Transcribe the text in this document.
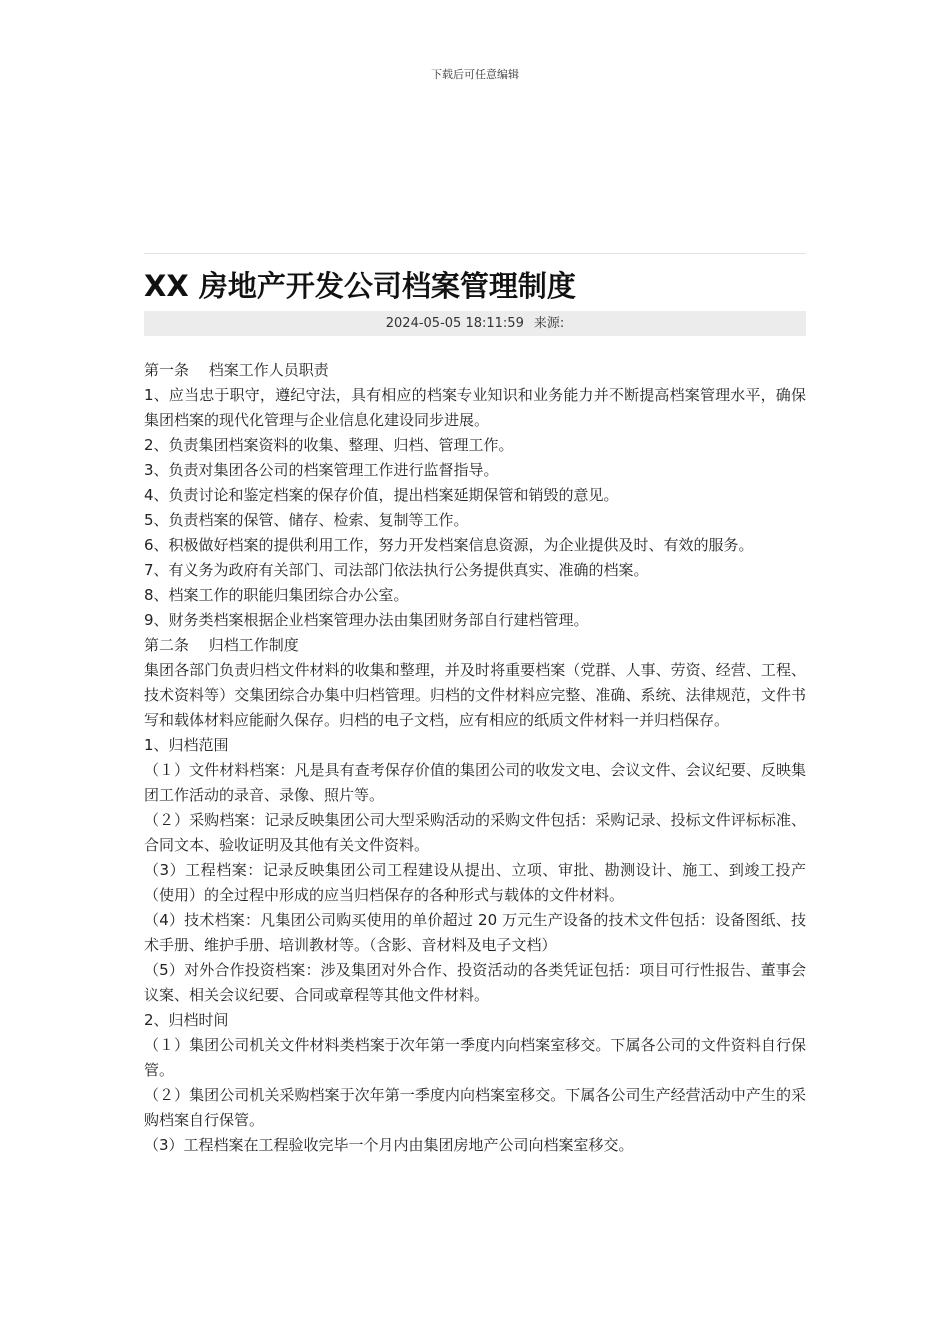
下载后可任意编辑
XX 房地产开发公司档案管理制度
2024-05-05 18:11:59 来源:

第一条　 档案工作人员职责

1、应当忠于职守，遵纪守法，具有相应的档案专业知识和业务能力并不断提高档案管理水平，确保集团档案的现代化管理与企业信息化建设同步进展。

2、负责集团档案资料的收集、整理、归档、管理工作。

3、负责对集团各公司的档案管理工作进行监督指导。

4、负责讨论和鉴定档案的保存价值，提出档案延期保管和销毁的意见。

5、负责档案的保管、储存、检索、复制等工作。

6、积极做好档案的提供利用工作，努力开发档案信息资源，为企业提供及时、有效的服务。

7、有义务为政府有关部门、司法部门依法执行公务提供真实、准确的档案。

8、档案工作的职能归集团综合办公室。

9、财务类档案根据企业档案管理办法由集团财务部自行建档管理。

第二条　 归档工作制度

集团各部门负责归档文件材料的收集和整理，并及时将重要档案（党群、人事、劳资、经营、工程、技术资料等）交集团综合办集中归档管理。归档的文件材料应完整、准确、系统、法律规范，文件书写和载体材料应能耐久保存。归档的电子文档，应有相应的纸质文件材料一并归档保存。

1、归档范围

（１）文件材料档案：凡是具有查考保存价值的集团公司的收发文电、会议文件、会议纪要、反映集团工作活动的录音、录像、照片等。

（２）采购档案：记录反映集团公司大型采购活动的采购文件包括：采购记录、投标文件评标标准、合同文本、验收证明及其他有关文件资料。

（3）工程档案：记录反映集团公司工程建设从提出、立项、审批、勘测设计、施工、到竣工投产（使用）的全过程中形成的应当归档保存的各种形式与载体的文件材料。

（4）技术档案：凡集团公司购买使用的单价超过 20 万元生产设备的技术文件包括：设备图纸、技术手册、维护手册、培训教材等。（含影、音材料及电子文档）

（5）对外合作投资档案：涉及集团对外合作、投资活动的各类凭证包括：项目可行性报告、董事会议案、相关会议纪要、合同或章程等其他文件材料。

2、归档时间

（１）集团公司机关文件材料类档案于次年第一季度内向档案室移交。下属各公司的文件资料自行保管。

（２）集团公司机关采购档案于次年第一季度内向档案室移交。下属各公司生产经营活动中产生的采购档案自行保管。

（3）工程档案在工程验收完毕一个月内由集团房地产公司向档案室移交。
